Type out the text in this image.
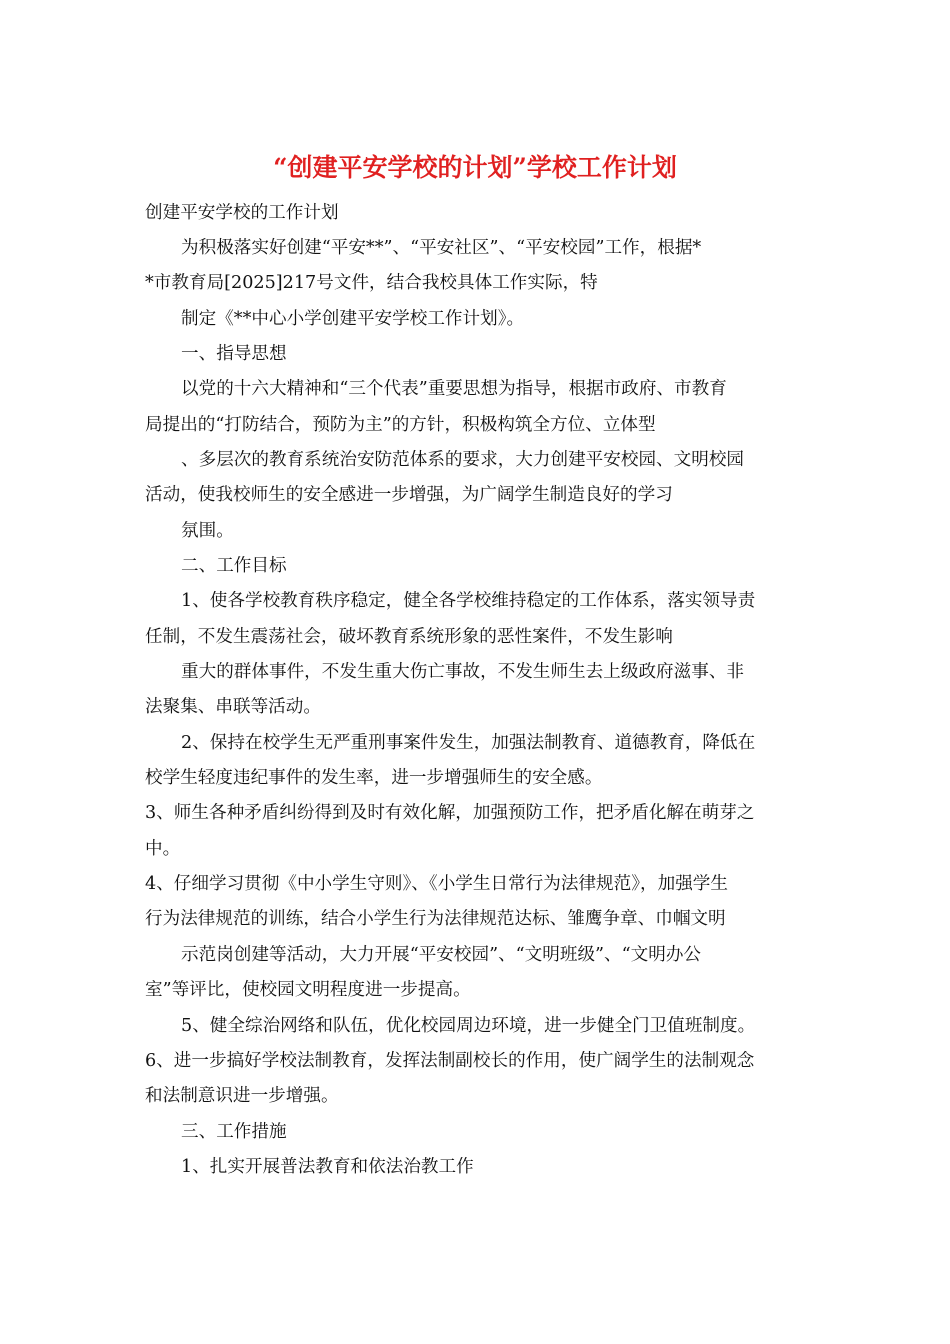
“创建平安学校的计划”学校工作计划
创建平安学校的工作计划
为积极落实好创建“平安**”、“平安社区”、“平安校园”工作，根据*
*市教育局[2025]217号文件，结合我校具体工作实际，特
制定《**中心小学创建平安学校工作计划》。
一、指导思想
以党的十六大精神和“三个代表”重要思想为指导，根据市政府、市教育
局提出的“打防结合，预防为主”的方针，积极构筑全方位、立体型
、多层次的教育系统治安防范体系的要求，大力创建平安校园、文明校园
活动，使我校师生的安全感进一步增强，为广阔学生制造良好的学习
氛围。
二、工作目标
1、使各学校教育秩序稳定，健全各学校维持稳定的工作体系，落实领导责
任制，不发生震荡社会，破坏教育系统形象的恶性案件，不发生影响
重大的群体事件，不发生重大伤亡事故，不发生师生去上级政府滋事、非
法聚集、串联等活动。
2、保持在校学生无严重刑事案件发生，加强法制教育、道德教育，降低在
校学生轻度违纪事件的发生率，进一步增强师生的安全感。
3、师生各种矛盾纠纷得到及时有效化解，加强预防工作，把矛盾化解在萌芽之
中。
4、仔细学习贯彻《中小学生守则》、《小学生日常行为法律规范》，加强学生
行为法律规范的训练，结合小学生行为法律规范达标、雏鹰争章、巾帼文明
示范岗创建等活动，大力开展“平安校园”、“文明班级”、“文明办公
室”等评比，使校园文明程度进一步提高。
5、健全综治网络和队伍，优化校园周边环境，进一步健全门卫值班制度。
6、进一步搞好学校法制教育，发挥法制副校长的作用，使广阔学生的法制观念
和法制意识进一步增强。
三、工作措施
1、扎实开展普法教育和依法治教工作
